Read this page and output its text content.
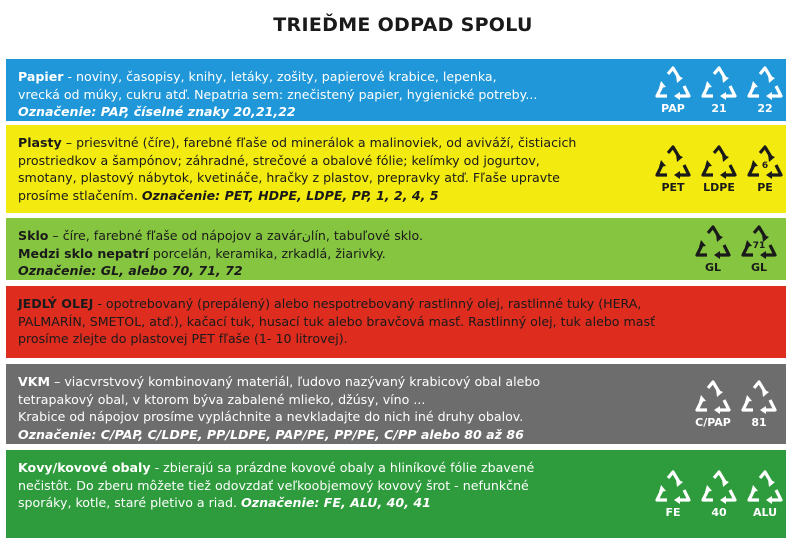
TRIEĎME ODPAD SPOLU
Papier - noviny, časopisy, knihy, letáky, zošity, papierové krabice, lepenka,
vrecká od múky, cukru atď. Nepatria sem: znečistený papier, hygienické potreby...
Označenie: PAP, číselné znaky 20,21,22	PAP 21	22
Plasty – priesvitné (číre), farebné fľaše od minerálok a malinoviek, od aviváží, čistiacich
prostriedkov a šampónov; záhradné, strečové a obalové fólie; kelímky od jogurtov,
smotany, plastový nábytok, kvetináče, hračky z plastov, prepravky atď. Fľaše upravte
prosíme stlačením. Označenie: PET, HDPE, LDPE, PP, 1, 2, 4, 5
PET LDPE
6
PE
Sklo – číre, farebné fľaše od nápojov a zavárانín, tabuľové sklo.
Medzi sklo nepatrí porcelán, keramika, zrkadlá, žiarivky.
Označenie: GL, alebo 70, 71, 72	GL
71
GL
JEDLÝ OLEJ - opotrebovaný (prepálený) alebo nespotrebovaný rastlinný olej, rastlinné tuky (HERA,
PALMARÍN, SMETOL, atď.), kačací tuk, husací tuk alebo bravčová masť. Rastlinný olej, tuk alebo masť
prosíme zlejte do plastovej PET fľaše (1- 10 litrovej).
VKM – viacvrstvový kombinovaný materiál, ľudovo nazývaný krabicový obal alebo
tetrapakový obal, v ktorom býva zabalené mlieko, džúsy, víno ...
Krabice od nápojov prosíme vypláchnite a nevkladajte do nich iné druhy obalov.
Označenie: C/PAP, C/LDPE, PP/LDPE, PAP/PE, PP/PE, C/PP alebo 80 až 86
C/PAP 81
Kovy/kovové obaly - zbierajú sa prázdne kovové obaly a hliníkové fólie zbavené
nečistôt. Do zberu môžete tiež odovzdať veľkoobjemový kovový šrot - nefunkčné
sporáky, kotle, staré pletivo a riad. Označenie: FE, ALU, 40, 41
FE	40 ALU
